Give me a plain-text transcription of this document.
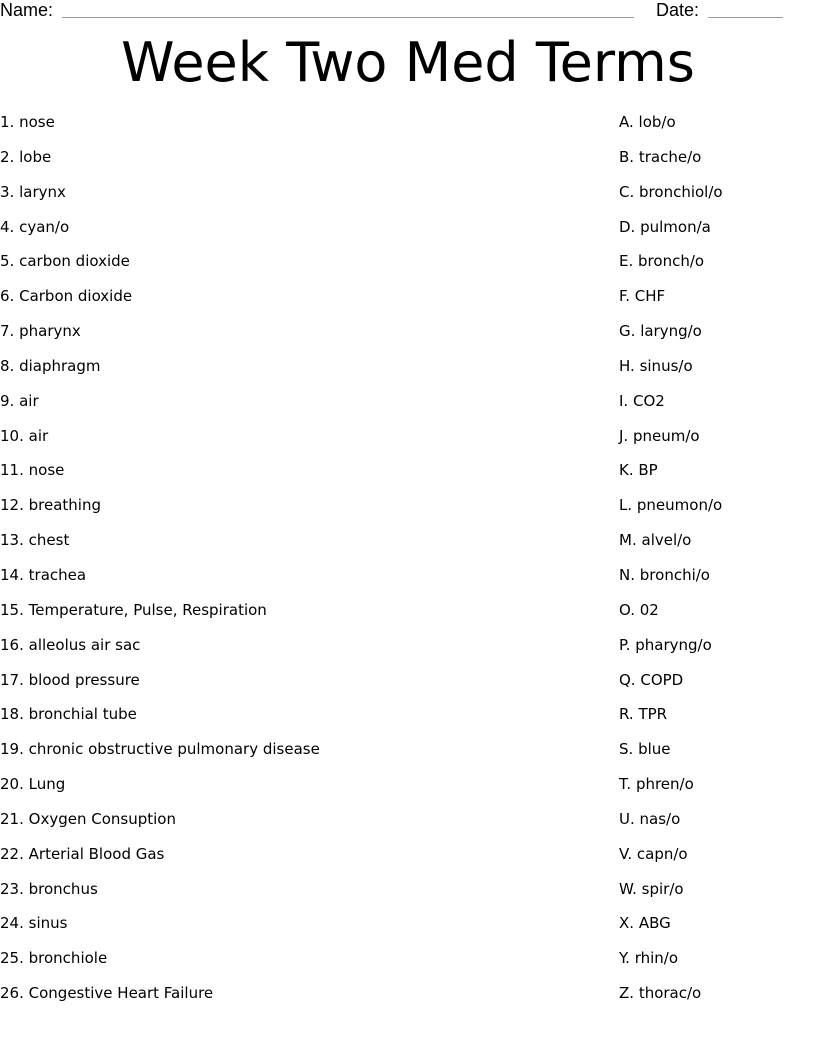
Name:	Date:
Week Two Med Terms
1. nose
2. lobe
3. larynx
4. cyan/o
5. carbon dioxide
6. Carbon dioxide
7. pharynx
8. diaphragm
9. air
10. air
11. nose
12. breathing
13. chest
14. trachea
15. Temperature, Pulse, Respiration
16. alleolus air sac
17. blood pressure
18. bronchial tube
19. chronic obstructive pulmonary disease
20. Lung
21. Oxygen Consuption
22. Arterial Blood Gas
23. bronchus
24. sinus
25. bronchiole
26. Congestive Heart Failure
A. lob/o
B. trache/o
C. bronchiol/o
D. pulmon/a
E. bronch/o
F. CHF
G. laryng/o
H. sinus/o
I. CO2
J. pneum/o
K. BP
L. pneumon/o
M. alvel/o
N. bronchi/o
O. 02
P. pharyng/o
Q. COPD
R. TPR
S. blue
T. phren/o
U. nas/o
V. capn/o
W. spir/o
X. ABG
Y. rhin/o
Z. thorac/o
